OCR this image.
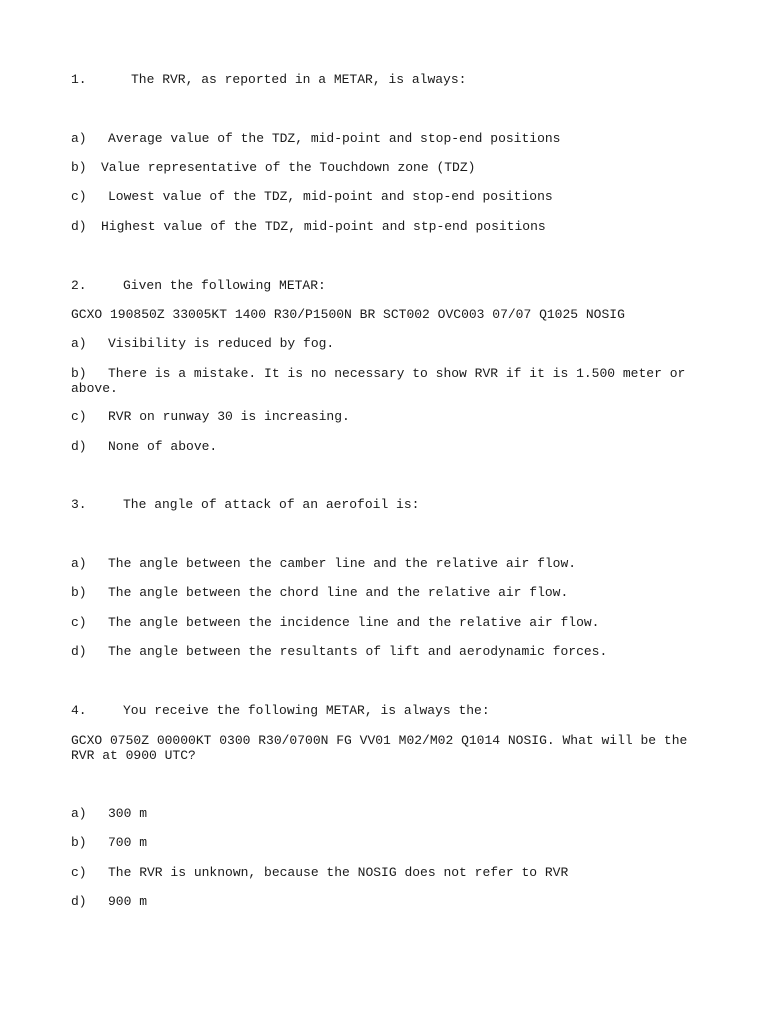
1.	The RVR, as reported in a METAR, is always:
a) Average value of the TDZ, mid-point and stop-end positions
b) Value representative of the Touchdown zone (TDZ)
c) Lowest value of the TDZ, mid-point and stop-end positions
d) Highest value of the TDZ, mid-point and stp-end positions
2.	Given the following METAR:
GCXO 190850Z 33005KT 1400 R30/P1500N BR SCT002 OVC003 07/07 Q1025 NOSIG
a) Visibility is reduced by fog.
b) There is a mistake. It is no necessary to show RVR if it is 1.500 meter or above.
c) RVR on runway 30 is increasing.
d) None of above.
3.	The angle of attack of an aerofoil is:
a) The angle between the camber line and the relative air flow.
b) The angle between the chord line and the relative air flow.
c) The angle between the incidence line and the relative air flow.
d) The angle between the resultants of lift and aerodynamic forces.
4.	You receive the following METAR, is always the:
GCXO 0750Z 00000KT 0300 R30/0700N FG VV01 M02/M02 Q1014 NOSIG. What will be the RVR at 0900 UTC?
a) 300 m
b) 700 m
c) The RVR is unknown, because the NOSIG does not refer to RVR
d) 900 m
